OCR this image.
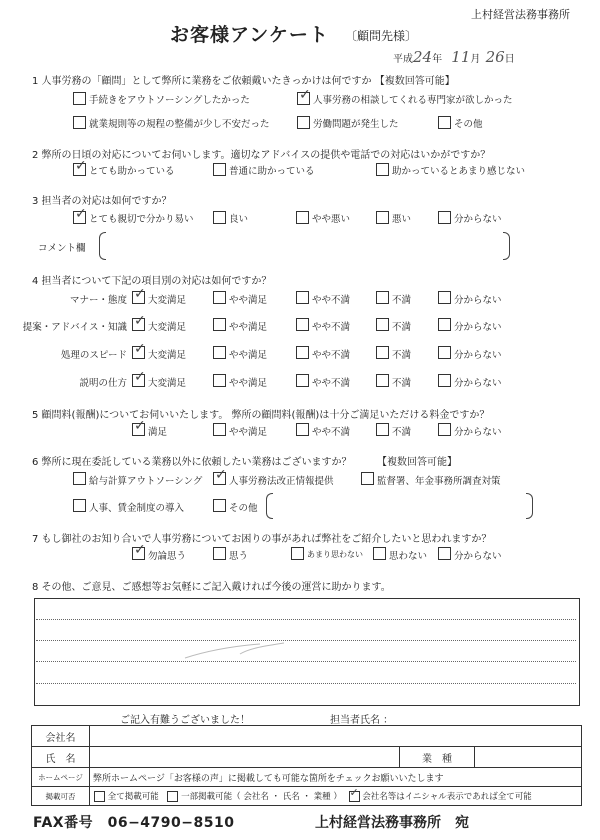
上村経営法務事務所
お客様アンケート 〔顧問先様〕
平成24年 11月 26日
1 人事労務の「顧問」として弊所に業務をご依頼戴いたきっかけは何ですか 【複数回答可能】
手続きをアウトソーシングしたかった	✓ 人事労務の相談してくれる専門家が欲しかった
就業規則等の規程の整備が少し不安だった	労働問題が発生した	その他
2 弊所の日頃の対応についてお伺いします。適切なアドバイスの提供や電話での対応はいかがですか？
✓ とても助かっている	普通に助かっている	助かっているとあまり感じない
3 担当者の対応は如何ですか？
✓ とても親切で分かり易い	良い	やや悪い	悪い	分からない
コメント欄
4 担当者について下記の項目別の対応は如何ですか？
マナー・態度 ✓ 大変満足	やや満足	やや不満	不満	分からない
提案・アドバイス・知識 ✓ 大変満足	やや満足	やや不満	不満	分からない
処理のスピード ✓ 大変満足	やや満足	やや不満	不満	分からない
説明の仕方 ✓ 大変満足	やや満足	やや不満	不満	分からない
5 顧問料(報酬)についてお伺いいたします。 弊所の顧問料(報酬)は十分ご満足いただける料金ですか？
✓ 満足	やや満足	やや不満	不満	分からない
6 弊所に現在委託している業務以外に依頼したい業務はございますか？	【複数回答可能】
給与計算アウトソーシング ✓ 人事労務法改正情報提供	監督署、年金事務所調査対策
人事、賃金制度の導入	その他
7 もし御社のお知り合いで人事労務についてお困りの事があれば弊社をご紹介したいと思われますか？
✓ 勿論思う	思う	あまり思わない	思わない	分からない
8 その他、ご意見、ご感想等お気軽にご記入戴ければ今後の運営に助かります。
ご記入有難うございました！	担当者氏名 ：
会社名			
氏　名		業　種	
ホームページ	弊所ホームページ「お客様の声」に掲載しても可能な箇所をチェックお願いいたします		
掲載可否	全て掲載可能 一部掲載可能（ 会社名 ・ 氏名 ・ 業種 ） ✓ 会社名等はイニシャル表示であれば全て可能		
FAX番号　06−4790−8510	上村経営法務事務所　宛
